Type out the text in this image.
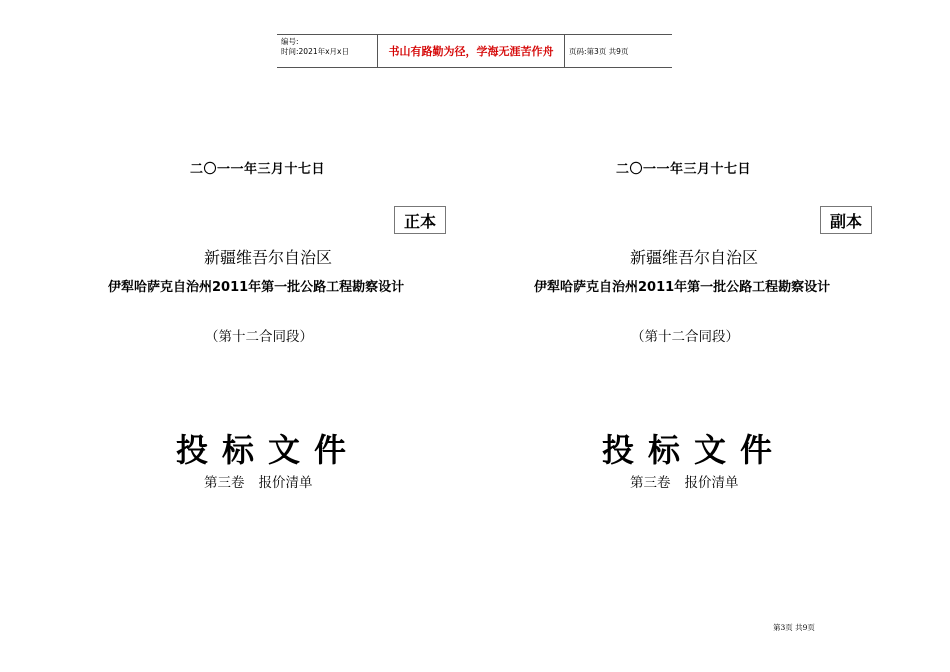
编号:
时间:2021年x月x日	书山有路勤为径，学海无涯苦作舟	页码:第3页 共9页
二〇一一年三月十七日
正本
新疆维吾尔自治区
伊犁哈萨克自治州2011年第一批公路工程勘察设计
（第十二合同段）
投标文件
第三卷 报价清单
二〇一一年三月十七日
副本
新疆维吾尔自治区
伊犁哈萨克自治州2011年第一批公路工程勘察设计
（第十二合同段）
投标文件
第三卷 报价清单
第3页 共9页
